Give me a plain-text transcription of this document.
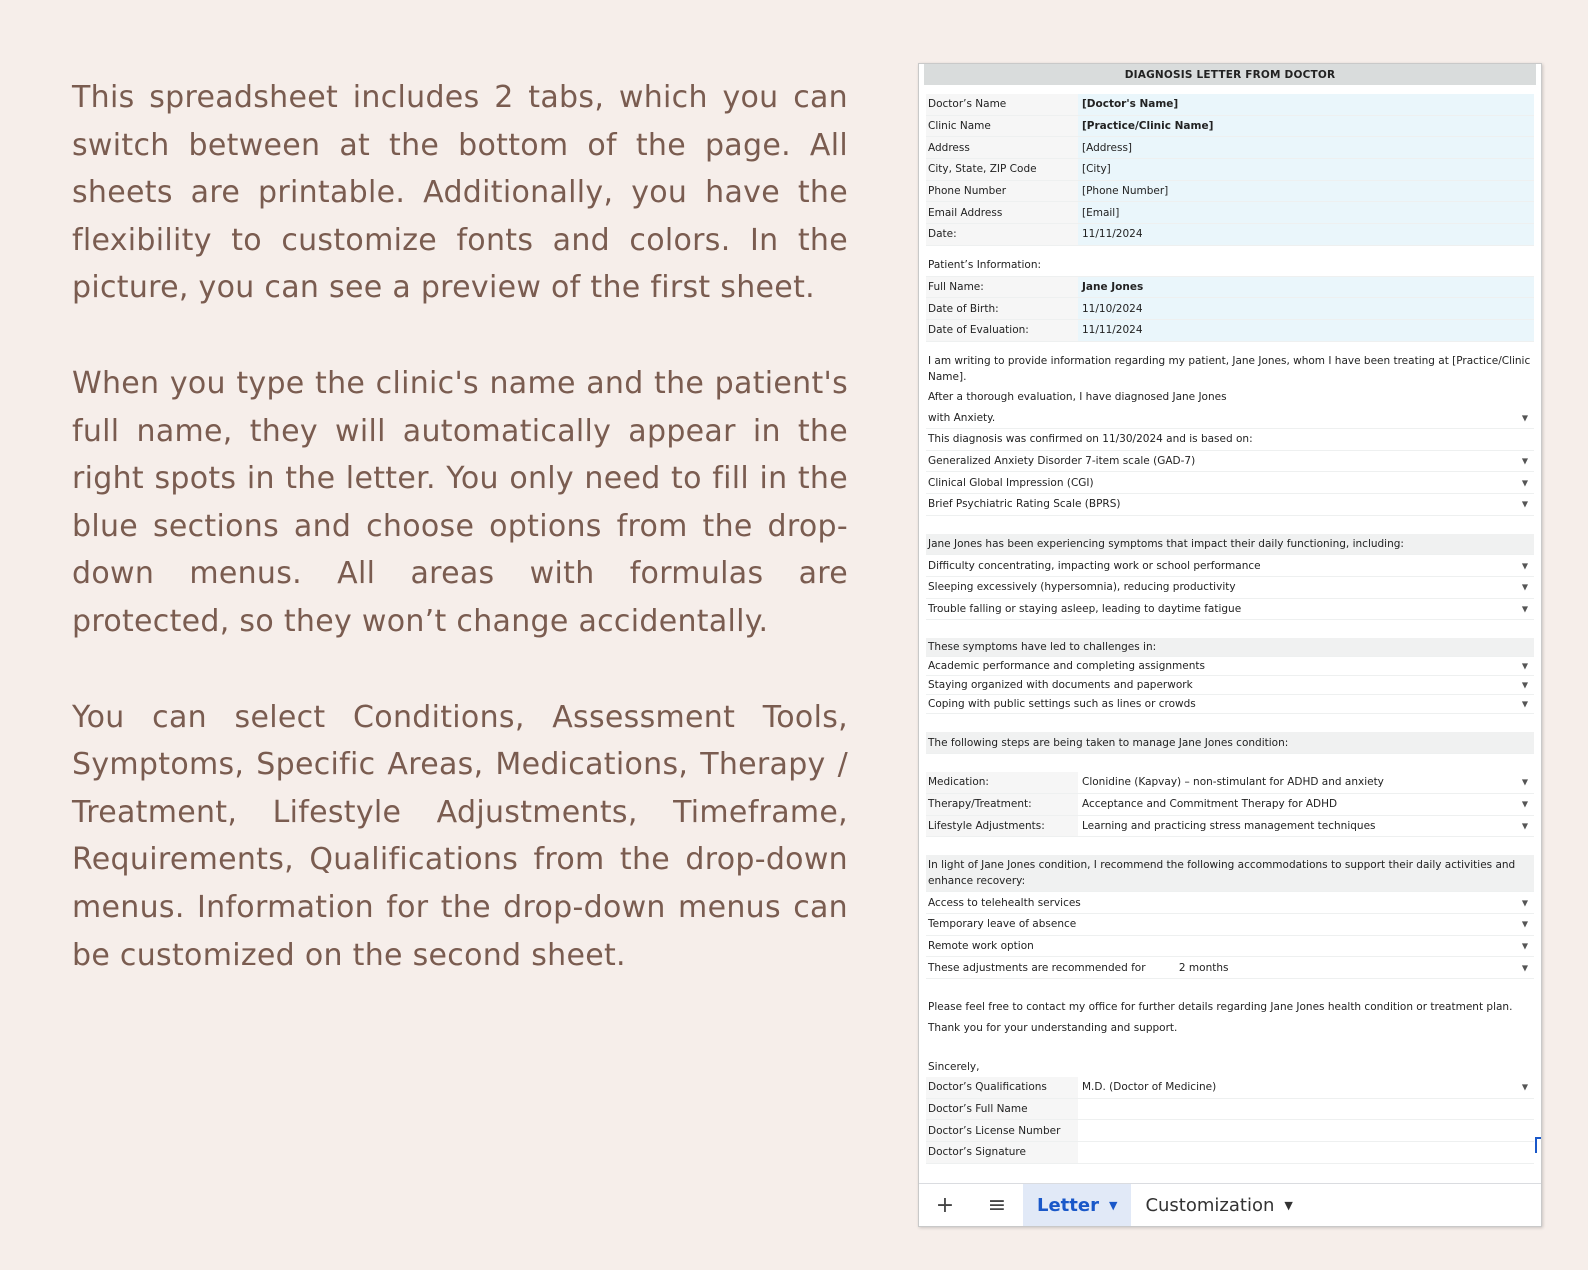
This spreadsheet includes 2 tabs, which you can switch between at the bottom of the page. All sheets are printable. Additionally, you have the flexibility to customize fonts and colors. In the picture, you can see a preview of the first sheet.

When you type the clinic's name and the patient's full name, they will automatically appear in the right spots in the letter. You only need to fill in the blue sections and choose options from the drop-down menus. All areas with formulas are protected, so they won’t change accidentally.

You can select Conditions, Assessment Tools, Symptoms, Specific Areas, Medications, Therapy / Treatment, Lifestyle Adjustments, Timeframe, Requirements, Qualifications from the drop-down menus. Information for the drop-down menus can be customized on the second sheet.

DIAGNOSIS LETTER FROM DOCTOR
Doctor’s Name	[Doctor's Name]
Clinic Name	[Practice/Clinic Name]
Address	[Address]
City, State, ZIP Code	[City]
Phone Number	[Phone Number]
Email Address	[Email]
Date:	11/11/2024
Patient’s Information:
Full Name:	Jane Jones
Date of Birth:	11/10/2024
Date of Evaluation:	11/11/2024
I am writing to provide information regarding my patient, Jane Jones, whom I have been treating at [Practice/Clinic Name].
After a thorough evaluation, I have diagnosed Jane Jones
with Anxiety.	▼
This diagnosis was confirmed on 11/30/2024 and is based on:
Generalized Anxiety Disorder 7-item scale (GAD-7)	▼
Clinical Global Impression (CGI)	▼
Brief Psychiatric Rating Scale (BPRS)	▼
Jane Jones has been experiencing symptoms that impact their daily functioning, including:
Difficulty concentrating, impacting work or school performance	▼
Sleeping excessively (hypersomnia), reducing productivity	▼
Trouble falling or staying asleep, leading to daytime fatigue	▼
These symptoms have led to challenges in:
Academic performance and completing assignments	▼
Staying organized with documents and paperwork	▼
Coping with public settings such as lines or crowds	▼
The following steps are being taken to manage Jane Jones condition:
Medication:	Clonidine (Kapvay) – non-stimulant for ADHD and anxiety	▼
Therapy/Treatment:	Acceptance and Commitment Therapy for ADHD	▼
Lifestyle Adjustments:	Learning and practicing stress management techniques	▼
In light of Jane Jones condition, I recommend the following accommodations to support their daily activities and enhance recovery:
Access to telehealth services	▼
Temporary leave of absence	▼
Remote work option	▼
These adjustments are recommended for          2 months	▼
Please feel free to contact my office for further details regarding Jane Jones health condition or treatment plan.
Thank you for your understanding and support.
Sincerely,
Doctor’s Qualifications	M.D. (Doctor of Medicine)	▼
Doctor’s Full Name
Doctor’s License Number
Doctor’s Signature
+	≡	Letter ▼ Customization ▼
